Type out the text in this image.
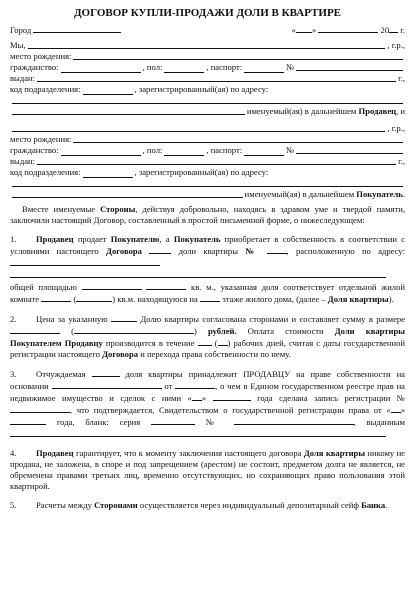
ДОГОВОР КУПЛИ-ПРОДАЖИ ДОЛИ В КВАРТИРЕ
Город	« »	20 г.
Мы,	, г.р.,
место рождения:
гражданство:	, пол:	, паспорт:	№
выдан:	г.,
код подразделения:	, зарегистрированный(ая) по адресу:
именуемый(ая) в дальнейшем
Продавец , и
, г.р.,
место рождения:
гражданство:	, пол:	, паспорт:	№
выдан:	г.,
код подразделения:	, зарегистрированный(ая) по адресу:
именуемый(ая) в дальнейшем
Покупатель .

Вместе именуемые Стороны, действуя добровольно, находясь в здравом уме и твердой памяти, заключили настоящий Договор, составленный в простой письменной форме, о нижеследующем:

1. Продавец продает Покупателю, а Покупатель приобретает в собственность в соответствии с условиями настоящего Договора	доли квартиры №	, расположенную по адресу:   общей площадью	кв. м., указанная доля соответствует отдельной жилой комнате	(	) кв.м. находящуюся на	этаже жилого дома, (далее – Доля квартиры).

2. Цена за указанную	Долю квартиры согласована сторонами и составляет сумму в размере  (	) рублей. Оплата стоимости Доли квартиры Покупателем Продавцу производится в течение  ( ) рабочих дней, считая с даты государственной регистрации настоящего Договора и перехода права собственности по нему.

3. Отчуждаемая	доля квартиры принадлежит ПРОДАВЦУ на праве собственности на основании	от	, о чем в Едином государственном реестре прав на недвижимое имущество и сделок с ними « »	года сделана запись регистрации № , что подтверждается, Свидетельством о государственной регистрации права от « »  года, бланк: серия	№	, выданным

4. Продавец гарантирует, что к моменту заключения настоящего договора Доля квартиры никому не продана, не заложена, в споре и под запрещением (арестом) не состоит, предметом долга не является, не обременена правами третьих лиц, временно отсутствующих, но сохраняющих право пользования этой квартирой.

5. Расчеты между Сторонами осуществляется через индивидуальный депозитарный сейф Банка.
